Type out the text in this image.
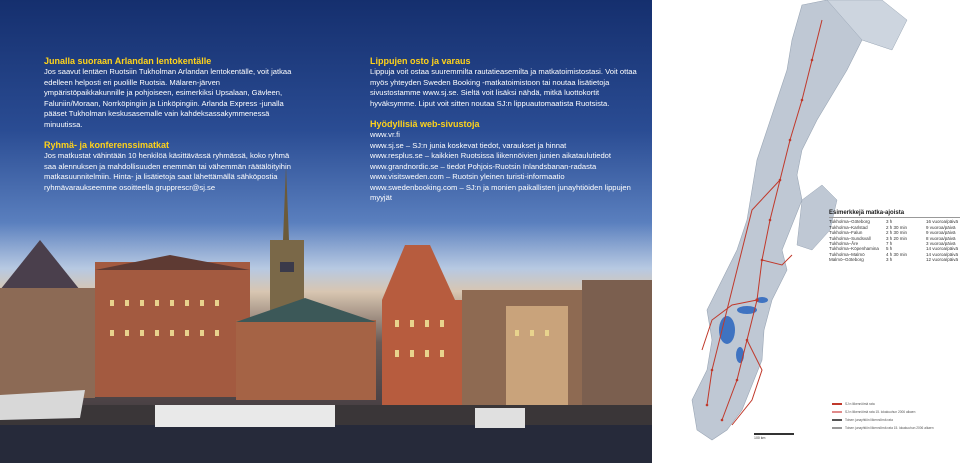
Junalla suoraan Arlandan lentokentälle

Jos saavut lentäen Ruotsiin Tukholman Arlandan lentokentälle, voit jatkaa edelleen helposti eri puolille Ruotsia. Mälaren-järven ympäristöpaikkakunnille ja pohjoiseen, esimerkiksi Upsalaan, Gävleen, Faluniin/Moraan, Norrköpingiin ja Linköpingiin. Arlanda Express -junalla pääset Tukholman keskusasemalle vain kahdeksassakymmenessä minuutissa.

Ryhmä- ja konferenssimatkat

Jos matkustat vähintään 10 henkilöä käsittävässä ryhmässä, koko ryhmä saa alennuksen ja mahdollisuuden enemmän tai vähemmän räätälöityihin matkasuunnitelmiin. Hinta- ja lisätietoja saat lähettämällä sähköpostia ryhmävaraukseemme osoitteella grupprescr@sj.se

Lippujen osto ja varaus

Lippuja voit ostaa suuremmilta rautatieasemilta ja matkatoimistostasi. Voit ottaa myös yhteyden Sweden Booking -matkatoimistoon tai noutaa lisätietoja sivustostamme www.sj.se. Sieltä voit lisäksi nähdä, mitkä luottokortit hyväksymme. Liput voit sitten noutaa SJ:n lippuautomaatista Ruotsista.

Hyödyllisiä web-sivustoja
www.vr.fi
www.sj.se – SJ:n junia koskevat tiedot, varaukset ja hinnat
www.resplus.se – kaikkien Ruotsissa liikennöivien junien aikataulutiedot
www.grandnordic.se – tiedot Pohjois-Ruotsin Inlandsbanan-radasta
www.visitsweden.com – Ruotsin yleinen turisti-informaatio
www.swedenbooking.com – SJ:n ja monien paikallisten junayhtiöiden lippujen myyjät
Esimerkkejä matka-ajoista
Tukholma–Göteborg	3 h	16 vuoroa/päivä
Tukholma–Karlstad	2 h 30 min	9 vuoroa/päivä
Tukholma–Falun	2 h 30 min	9 vuoroa/päivä
Tukholma–Sundsvall	3 h 20 min	8 vuoroa/päivä
Tukholma–Åre	7 h	3 vuoroa/päivä
Tukholma–Köpenhamina	5 h	14 vuoroa/päivä
Tukholma–Malmö	4 h 30 min	14 vuoroa/päivä
Malmö–Göteborg	3 h	12 vuoroa/päivä
SJ:n liikennöimä rata
SJ:n liikennöimä rata 15. lokakuuhun 2006 alkaen
Toisen junayhtiön liikennöimä rata
Toisen junayhtiön liikennöimä rata 15. lokakuuhun 2006 alkaen
100 km
